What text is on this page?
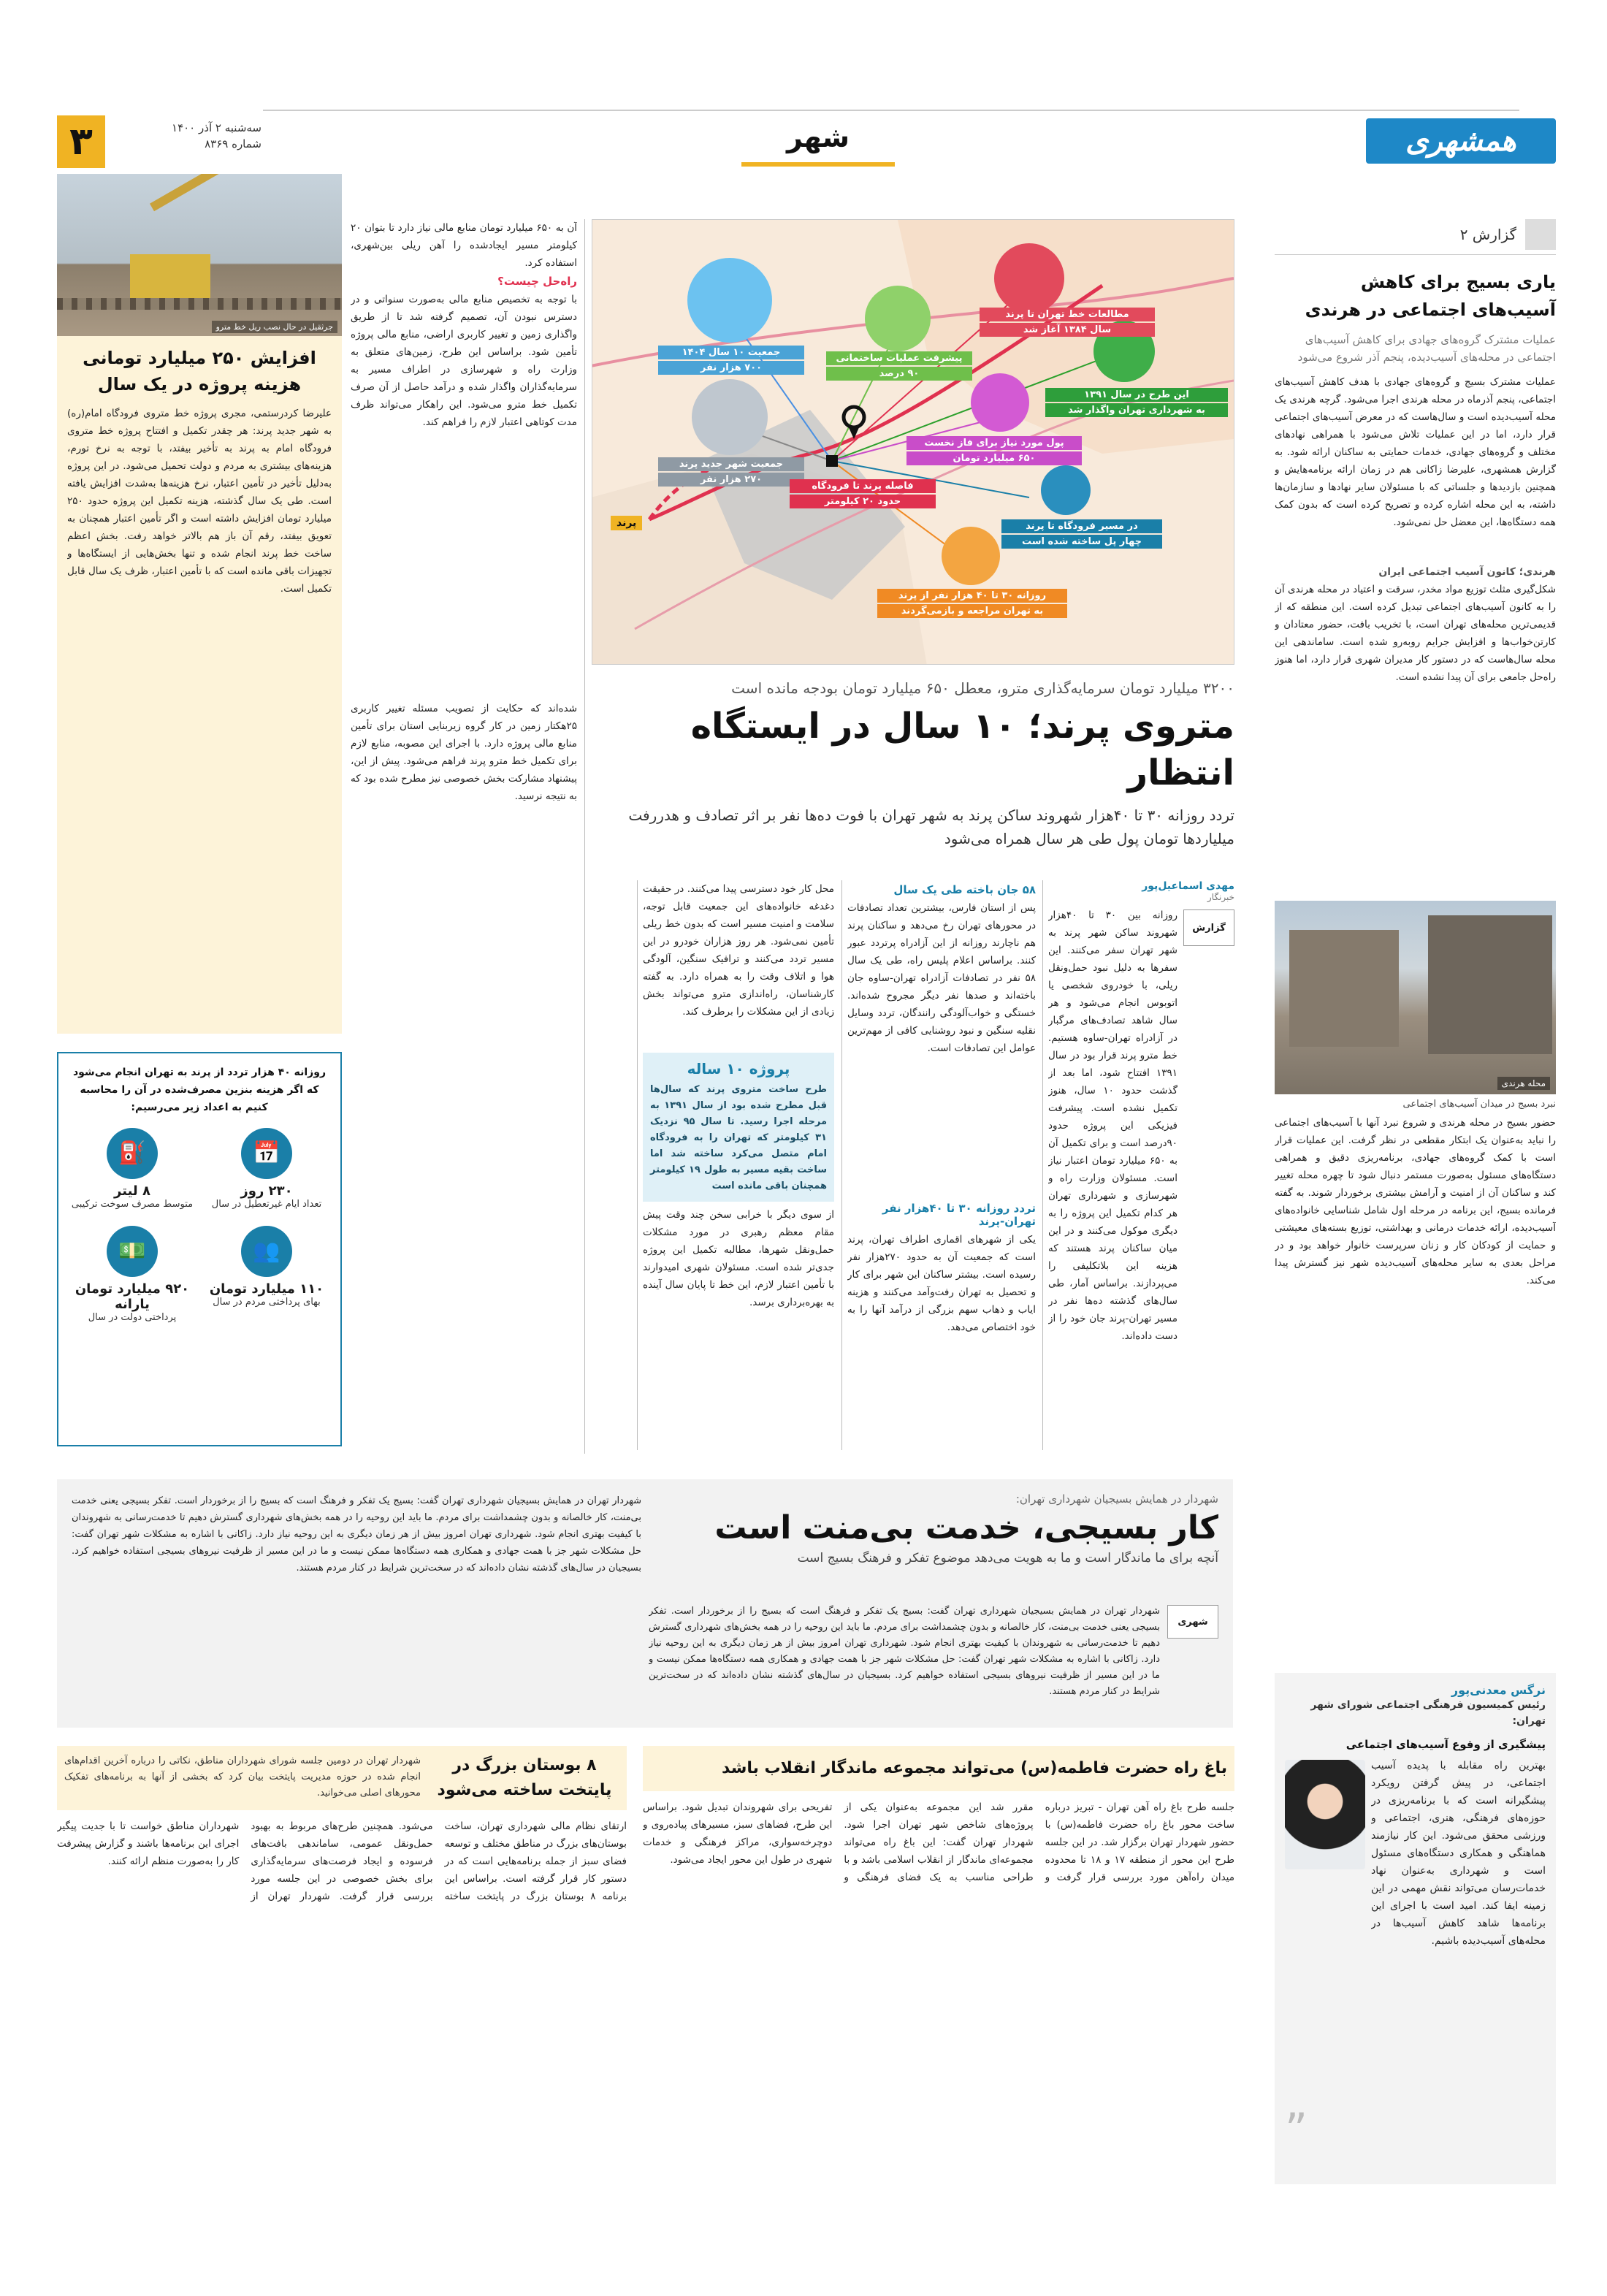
۳	سه‌شنبه ۲ آذر ۱۴۰۰
شماره ۸۳۶۹	شهر	همشهری
گزارش ۲
یاری بسیج برای کاهش آسیب‌های اجتماعی در هرندی
عملیات مشترک گروه‌های جهادی برای کاهش آسیب‌های اجتماعی در محله‌های آسیب‌دیده، پنجم آذر شروع می‌شود
عملیات مشترک بسیج و گروه‌های جهادی با هدف کاهش آسیب‌های اجتماعی، پنجم آذرماه در محله هرندی اجرا می‌شود. گرچه هرندی یک محله آسیب‌دیده است و سال‌هاست که در معرض آسیب‌های اجتماعی قرار دارد، اما در این عملیات تلاش می‌شود با همراهی نهادهای مختلف و گروه‌های جهادی، خدمات حمایتی به ساکنان ارائه شود. به گزارش همشهری، علیرضا زاکانی هم در زمان ارائه برنامه‌هایش و همچنین بازدیدها و جلساتی که با مسئولان سایر نهادها و سازمان‌ها داشته، به این محله اشاره کرده و تصریح کرده است که بدون کمک همه دستگاه‌ها، این معضل حل نمی‌شود.
هرندی؛ کانون آسیب اجتماعی ایران
شکل‌گیری مثلث توزیع مواد مخدر، سرقت و اعتیاد در محله هرندی آن را به کانون آسیب‌های اجتماعی تبدیل کرده است. این منطقه که از قدیمی‌ترین محله‌های تهران است، با تخریب بافت، حضور معتادان و کارتن‌خواب‌ها و افزایش جرایم روبه‌رو شده است. ساماندهی این محله سال‌هاست که در دستور کار مدیران شهری قرار دارد، اما هنوز راه‌حل جامعی برای آن پیدا نشده است.
محله هرندی
نبرد بسیج در میدان آسیب‌های اجتماعی
حضور بسیج در محله هرندی و شروع نبرد آنها با آسیب‌های اجتماعی را نباید به‌عنوان یک ابتکار مقطعی در نظر گرفت. این عملیات قرار است با کمک گروه‌های جهادی، برنامه‌ریزی دقیق و همراهی دستگاه‌های مسئول به‌صورت مستمر دنبال شود تا چهره محله تغییر کند و ساکنان آن از امنیت و آرامش بیشتری برخوردار شوند. به گفته فرمانده بسیج، این برنامه در مرحله اول شامل شناسایی خانواده‌های آسیب‌دیده، ارائه خدمات درمانی و بهداشتی، توزیع بسته‌های معیشتی و حمایت از کودکان کار و زنان سرپرست خانوار خواهد بود و در مراحل بعدی به سایر محله‌های آسیب‌دیده شهر نیز گسترش پیدا می‌کند.
مطالعات خط تهران تا پرند
سال ۱۳۸۴ آغاز شد
پیشرفت عملیات ساختمانی
۹۰ درصد
جمعیت ۱۰ سال ۱۴۰۴
۷۰۰ هزار نفر
این طرح در سال ۱۳۹۱
به شهرداری تهران واگذار شد
پول مورد نیاز برای فاز نخست
۶۵۰ میلیارد تومان
جمعیت شهر جدید پرند
۲۷۰ هزار نفر
فاصله پرند تا فرودگاه
حدود ۲۰ کیلومتر
در مسیر فرودگاه تا پرند
چهار پل ساخته شده است
روزانه ۳۰ تا ۴۰ هزار نفر از پرند
به تهران مراجعه و بازمی‌گردند
پرند
۳۲۰۰ میلیارد تومان سرمایه‌گذاری مترو، معطل ۶۵۰ میلیارد تومان بودجه مانده است
متروی پرند؛ ۱۰ سال در ایستگاه انتظار
تردد روزانه ۳۰ تا ۴۰هزار شهروند ساکن پرند به شهر تهران با فوت ده‌ها نفر بر اثر تصادف و هدررفت میلیاردها تومان پول طی هر سال همراه می‌شود
مهدی اسماعیل‌پور
خبرنگار
گزارش
روزانه بین ۳۰ تا ۴۰هزار شهروند ساکن شهر پرند به شهر تهران سفر می‌کنند. این سفرها به دلیل نبود حمل‌ونقل ریلی، با خودروی شخصی یا اتوبوس انجام می‌شود و هر سال شاهد تصادف‌های مرگبار در آزادراه تهران-ساوه هستیم. خط مترو پرند قرار بود در سال ۱۳۹۱ افتتاح شود، اما بعد از گذشت حدود ۱۰ سال، هنوز تکمیل نشده است. پیشرفت فیزیکی این پروژه حدود ۹۰درصد است و برای تکمیل آن به ۶۵۰ میلیارد تومان اعتبار نیاز است. مسئولان وزارت راه و شهرسازی و شهرداری تهران هر کدام تکمیل این پروژه را به دیگری موکول می‌کنند و در این میان ساکنان پرند هستند که هزینه این بلاتکلیفی را می‌پردازند. براساس آمار، طی سال‌های گذشته ده‌ها نفر در مسیر تهران-پرند جان خود را از دست داده‌اند.
۵۸ جان باخته طی یک سال
پس از استان فارس، بیشترین تعداد تصادفات در محورهای تهران رخ می‌دهد و ساکنان پرند هم ناچارند روزانه از این آزادراه پرتردد عبور کنند. براساس اعلام پلیس راه، طی یک سال ۵۸ نفر در تصادفات آزادراه تهران-ساوه جان باخته‌اند و صدها نفر دیگر مجروح شده‌اند. خستگی و خواب‌آلودگی رانندگان، تردد وسایل نقلیه سنگین و نبود روشنایی کافی از مهم‌ترین عوامل این تصادفات است.
تردد روزانه ۳۰ تا ۴۰هزار نفر تهران-پرند
یکی از شهرهای اقماری اطراف تهران، پرند است که جمعیت آن به حدود ۲۷۰هزار نفر رسیده است. بیشتر ساکنان این شهر برای کار و تحصیل به تهران رفت‌وآمد می‌کنند و هزینه ایاب و ذهاب سهم بزرگی از درآمد آنها را به خود اختصاص می‌دهد.
محل کار خود دسترسی پیدا می‌کنند. در حقیقت دغدغه خانواده‌های این جمعیت قابل توجه، سلامت و امنیت مسیر است که بدون خط ریلی تأمین نمی‌شود. هر روز هزاران خودرو در این مسیر تردد می‌کنند و ترافیک سنگین، آلودگی هوا و اتلاف وقت را به همراه دارد. به گفته کارشناسان، راه‌اندازی مترو می‌تواند بخش زیادی از این مشکلات را برطرف کند.
پروژه ۱۰ ساله
طرح ساخت متروی پرند که سال‌ها قبل مطرح شده بود از سال ۱۳۹۱ به مرحله اجرا رسید. تا سال ۹۵ نزدیک ۳۱ کیلومتر که تهران را به فرودگاه امام متصل می‌کرد ساخته شد اما ساخت بقیه مسیر به طول ۱۹ کیلومتر همچنان باقی مانده است
از سوی دیگر با خرابی سخن چند وقت پیش مقام معظم رهبری در مورد مشکلات حمل‌ونقل شهرها، مطالبه تکمیل این پروژه جدی‌تر شده است. مسئولان شهری امیدوارند با تأمین اعتبار لازم، این خط تا پایان سال آینده به بهره‌برداری برسد.
آن به ۶۵۰ میلیارد تومان منابع مالی نیاز دارد تا بتوان ۲۰ کیلومتر مسیر ایجادشده را آهن ریلی بین‌شهری، استفاده کرد.
راه‌حل چیست؟
با توجه به تخصیص منابع مالی به‌صورت سنواتی و در دسترس نبودن آن، تصمیم گرفته شد تا از طریق واگذاری زمین و تغییر کاربری اراضی، منابع مالی پروژه تأمین شود. براساس این طرح، زمین‌های متعلق به وزارت راه و شهرسازی در اطراف مسیر به سرمایه‌گذاران واگذار شده و درآمد حاصل از آن صرف تکمیل خط مترو می‌شود. این راهکار می‌تواند ظرف مدت کوتاهی اعتبار لازم را فراهم کند.
شده‌اند که حکایت از تصویب مسئله تغییر کاربری ۲۵هکتار زمین در کار گروه زیربنایی استان برای تأمین منابع مالی پروژه دارد. با اجرای این مصوبه، منابع لازم برای تکمیل خط مترو پرند فراهم می‌شود. پیش از این، پیشنهاد مشارکت بخش خصوصی نیز مطرح شده بود که به نتیجه نرسید.
جرثقیل در حال نصب ریل خط مترو
افزایش ۲۵۰ میلیارد تومانی هزینه پروژه در یک سال
علیرضا کردرستمی، مجری پروژه خط متروی فرودگاه امام(ره) به شهر جدید پرند: هر چقدر تکمیل و افتتاح پروژه خط متروی فرودگاه امام به پرند به تأخیر بیفتد، با توجه به نرخ تورم، هزینه‌های بیشتری به مردم و دولت تحمیل می‌شود. در این پروژه به‌دلیل تأخیر در تأمین اعتبار، نرخ هزینه‌ها به‌شدت افزایش یافته است. طی یک سال گذشته، هزینه تکمیل این پروژه حدود ۲۵۰ میلیارد تومان افزایش داشته است و اگر تأمین اعتبار همچنان به تعویق بیفتد، رقم آن باز هم بالاتر خواهد رفت. بخش اعظم ساخت خط پرند انجام شده و تنها بخش‌هایی از ایستگاه‌ها و تجهیزات باقی مانده است که با تأمین اعتبار، ظرف یک سال قابل تکمیل است.
روزانه ۴۰ هزار تردد از پرند به تهران انجام می‌شود که اگر هزینه بنزین مصرف‌شده در آن را محاسبه کنیم به اعداد زیر می‌رسیم:
📅
۲۳۰ روز
تعداد ایام غیرتعطیل در سال
⛽
۸ لیتر
متوسط مصرف سوخت ترکیبی
👥
۱۱۰ میلیارد تومان
بهای پرداختی مردم در سال
💵
۹۲۰ میلیارد تومان یارانه
پرداختی دولت در سال
شهردار در همایش بسیجیان شهرداری تهران:
کار بسیجی، خدمت بی‌منت است
آنچه برای ما ماندگار است و ما به هویت می‌دهد موضوع تفکر و فرهنگ بسیج است
شهری
شهردار تهران در همایش بسیجیان شهرداری تهران گفت: بسیج یک تفکر و فرهنگ است که بسیج را از برخوردار است. تفکر بسیجی یعنی خدمت بی‌منت، کار خالصانه و بدون چشمداشت برای مردم. ما باید این روحیه را در همه بخش‌های شهرداری گسترش دهیم تا خدمت‌رسانی به شهروندان با کیفیت بهتری انجام شود. شهرداری تهران امروز بیش از هر زمان دیگری به این روحیه نیاز دارد. زاکانی با اشاره به مشکلات شهر تهران گفت: حل مشکلات شهر جز با همت جهادی و همکاری همه دستگاه‌ها ممکن نیست و ما در این مسیر از ظرفیت نیروهای بسیجی استفاده خواهیم کرد. بسیجیان در سال‌های گذشته نشان داده‌اند که در سخت‌ترین شرایط در کنار مردم هستند.
شهردار تهران در همایش بسیجیان شهرداری تهران گفت: بسیج یک تفکر و فرهنگ است که بسیج را از برخوردار است. تفکر بسیجی یعنی خدمت بی‌منت، کار خالصانه و بدون چشمداشت برای مردم. ما باید این روحیه را در همه بخش‌های شهرداری گسترش دهیم تا خدمت‌رسانی به شهروندان با کیفیت بهتری انجام شود. شهرداری تهران امروز بیش از هر زمان دیگری به این روحیه نیاز دارد. زاکانی با اشاره به مشکلات شهر تهران گفت: حل مشکلات شهر جز با همت جهادی و همکاری همه دستگاه‌ها ممکن نیست و ما در این مسیر از ظرفیت نیروهای بسیجی استفاده خواهیم کرد. بسیجیان در سال‌های گذشته نشان داده‌اند که در سخت‌ترین شرایط در کنار مردم هستند.
نرگس معدنی‌پور
رئیس کمیسیون فرهنگی اجتماعی شورای شهر تهران:
پیشگیری از وقوع آسیب‌های اجتماعی
بهترین راه مقابله با پدیده آسیب اجتماعی، در پیش گرفتن رویکرد پیشگیرانه است که با برنامه‌ریزی در حوزه‌های فرهنگی، هنری، اجتماعی و ورزشی محقق می‌شود. این کار نیازمند هماهنگی و همکاری دستگاه‌های مسئول است و شهرداری به‌عنوان نهاد خدمات‌رسان می‌تواند نقش مهمی در این زمینه ایفا کند. امید است با اجرای این برنامه‌ها شاهد کاهش آسیب‌ها در محله‌های آسیب‌دیده باشیم.
”
۸ بوستان بزرگ در پایتخت ساخته می‌شود
شهردار تهران در دومین جلسه شورای شهرداران مناطق، نکاتی را درباره آخرین اقدام‌های انجام شده در حوزه مدیریت پایتخت بیان کرد که بخشی از آنها به برنامه‌های تفکیک محورهای اصلی می‌خوانید.
ارتقای نظام مالی شهرداری تهران، ساخت بوستان‌های بزرگ در مناطق مختلف و توسعه فضای سبز از جمله برنامه‌هایی است که در دستور کار قرار گرفته است. براساس این برنامه ۸ بوستان بزرگ در پایتخت ساخته می‌شود. همچنین طرح‌های مربوط به بهبود حمل‌ونقل عمومی، ساماندهی بافت‌های فرسوده و ایجاد فرصت‌های سرمایه‌گذاری برای بخش خصوصی در این جلسه مورد بررسی قرار گرفت. شهردار تهران از شهرداران مناطق خواست تا با جدیت پیگیر اجرای این برنامه‌ها باشند و گزارش پیشرفت کار را به‌صورت منظم ارائه کنند.
باغ راه حضرت فاطمه(س) می‌تواند مجموعه ماندگار انقلاب باشد
جلسه طرح باغ راه آهن تهران - تبریز درباره ساخت محور باغ راه حضرت فاطمه(س) با حضور شهردار تهران برگزار شد. در این جلسه طرح این محور از منطقه ۱۷ و ۱۸ تا محدوده میدان راه‌آهن مورد بررسی قرار گرفت و مقرر شد این مجموعه به‌عنوان یکی از پروژه‌های شاخص شهر تهران اجرا شود. شهردار تهران گفت: این باغ راه می‌تواند مجموعه‌ای ماندگار از انقلاب اسلامی باشد و با طراحی مناسب به یک فضای فرهنگی و تفریحی برای شهروندان تبدیل شود. براساس این طرح، فضاهای سبز، مسیرهای پیاده‌روی و دوچرخه‌سواری، مراکز فرهنگی و خدمات شهری در طول این محور ایجاد می‌شود.
